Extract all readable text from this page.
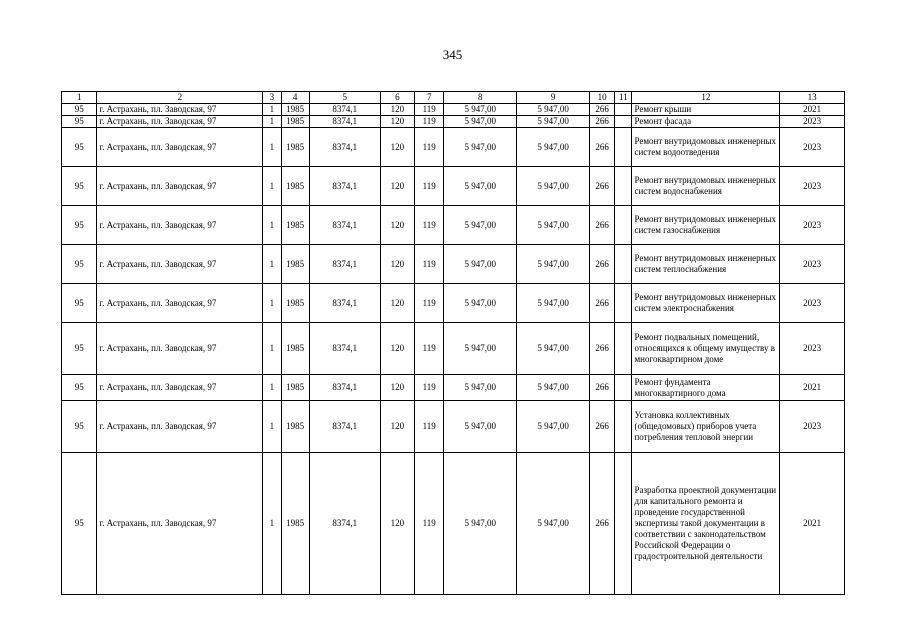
345
1	2	3	4	5	6	7	8	9	10	11	12	13
95	г. Астрахань, пл. Заводская, 97	1	1985	8374,1	120	119	5 947,00	5 947,00	266		Ремонт крыши	2021
95	г. Астрахань, пл. Заводская, 97	1	1985	8374,1	120	119	5 947,00	5 947,00	266		Ремонт фасада	2023
95	г. Астрахань, пл. Заводская, 97	1	1985	8374,1	120	119	5 947,00	5 947,00	266		Ремонт внутридомовых инженерных систем водоотведения	2023
95	г. Астрахань, пл. Заводская, 97	1	1985	8374,1	120	119	5 947,00	5 947,00	266		Ремонт внутридомовых инженерных систем водоснабжения	2023
95	г. Астрахань, пл. Заводская, 97	1	1985	8374,1	120	119	5 947,00	5 947,00	266		Ремонт внутридомовых инженерных систем газоснабжения	2023
95	г. Астрахань, пл. Заводская, 97	1	1985	8374,1	120	119	5 947,00	5 947,00	266		Ремонт внутридомовых инженерных систем теплоснабжения	2023
95	г. Астрахань, пл. Заводская, 97	1	1985	8374,1	120	119	5 947,00	5 947,00	266		Ремонт внутридомовых инженерных систем электроснабжения	2023
95	г. Астрахань, пл. Заводская, 97	1	1985	8374,1	120	119	5 947,00	5 947,00	266		Ремонт подвальных помещений, относящихся к общему имуществу в многоквартирном доме	2023
95	г. Астрахань, пл. Заводская, 97	1	1985	8374,1	120	119	5 947,00	5 947,00	266		Ремонт фундамента многоквартирного дома	2021
95	г. Астрахань, пл. Заводская, 97	1	1985	8374,1	120	119	5 947,00	5 947,00	266		Установка коллективных (общедомовых) приборов учета потребления тепловой энергии	2023
95	г. Астрахань, пл. Заводская, 97	1	1985	8374,1	120	119	5 947,00	5 947,00	266		Разработка проектной документации для капитального ремонта и проведение государственной экспертизы такой документации в соответствии с законодательством Российской Федерации о градостроительной деятельности	2021
